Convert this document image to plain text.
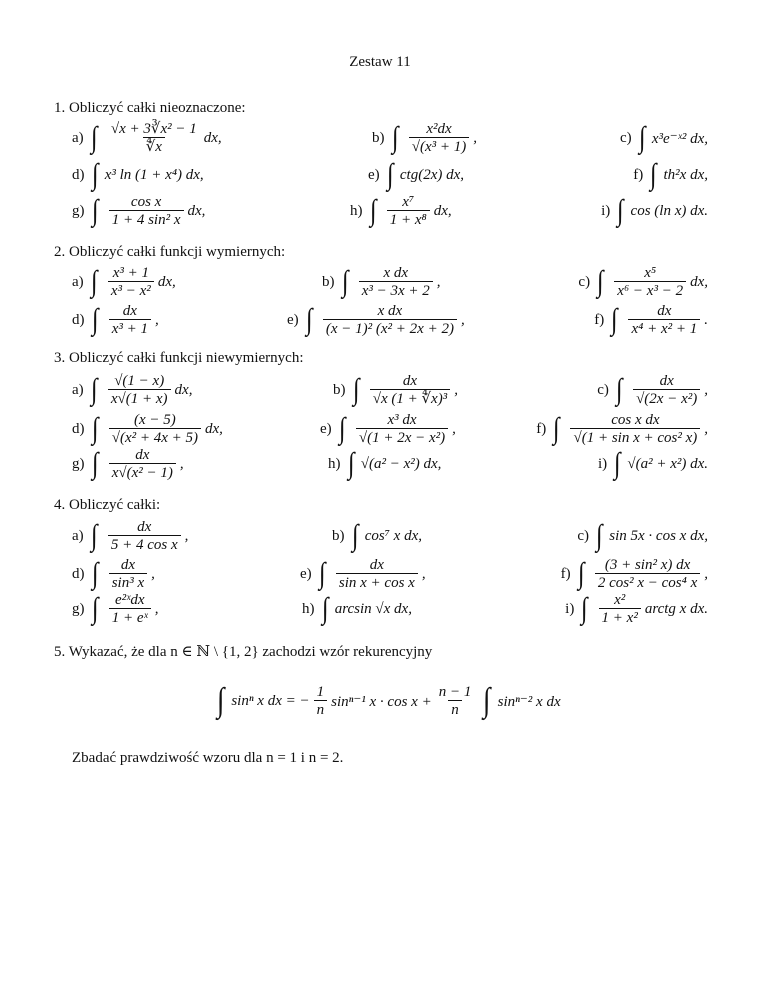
Zestaw 11
1. Obliczyć całki nieoznaczone:
a) ∫ $\frac{\text{√x + 3∛x² − 1}}{∜x}$ dx,	b) ∫ $\frac{\text{x²dx}}{\text{√(x³ + 1)}}$ ,	c) ∫ x³e⁻ˣ² dx,
d) ∫ x³ ln (1 + x⁴) dx,	e) ∫ ctg(2x) dx,	f) ∫ th²x dx,
g) ∫ $\frac{\text{cos x}}{\text{1 + 4 sin² x}}$ dx,	h) ∫ $\frac{\text{x⁷}}{\text{1 + x⁸}}$ dx,	i) ∫ cos (ln x) dx.
2. Obliczyć całki funkcji wymiernych:
a) ∫ $\frac{\text{x³ + 1}}{\text{x³ − x²}}$ dx,	b) ∫ $\frac{\text{x dx}}{\text{x³ − 3x + 2}}$ ,	c) ∫ $\frac{\text{x⁵}}{\text{x⁶ − x³ − 2}}$ dx,
d) ∫ $\frac{dx}{\text{x³ + 1}}$ ,	e) ∫ $\frac{\text{x dx}}{\text{(x − 1)² (x² + 2x + 2)}}$ ,	f) ∫ $\frac{dx}{\text{x⁴ + x² + 1}}$ .
3. Obliczyć całki funkcji niewymiernych:
a) ∫ $\frac{√(1 - x)}{x√(1 + x)}$ dx,	b) ∫ $\frac{dx}{\text{√x (1 + ∜x)³}}$ ,	c) ∫ $\frac{dx}{\text{√(2x − x²)}}$ ,
d) ∫ $\frac{(x - 5)}{\text{√(x² + 4x + 5)}}$ dx,	e) ∫ $\frac{\text{x³ dx}}{\text{√(1 + 2x − x²)}}$ ,	f) ∫ $\frac{\text{cos x dx}}{\text{√(1 + sin x + cos² x)}}$ ,
g) ∫ $\frac{dx}{\text{x√(x² − 1)}}$ ,	h) ∫ √(a² − x²) dx,	i) ∫ √(a² + x²) dx.
4. Obliczyć całki:
a) ∫ $\frac{dx}{\text{5 + 4 cos x}}$ ,	b) ∫ cos⁷ x dx,	c) ∫ sin 5x · cos x dx,
d) ∫ $\frac{dx}{\text{sin³ x}}$ ,	e) ∫ $\frac{dx}{\text{sin x + cos x}}$ ,	f) ∫ $\frac{\text{(3 + sin² x) dx}}{\text{2 cos² x − cos⁴ x}}$ ,
g) ∫ $\frac{\text{e²ˣdx}}{\text{1 + eˣ}}$ ,	h) ∫ arcsin √x dx,	i) ∫ $\frac{\text{x²}}{\text{1 + x²}}$ arctg x dx.
5. Wykazać, że dla n ∈ ℕ \ {1, 2} zachodzi wzór rekurencyjny
∫ sinⁿ x dx = − $\frac{1}{n} \sin^{n-1}$ $x \cdot \cos x + \frac{n - 1}{n}$ ∫ sinⁿ⁻² x dx
Zbadać prawdziwość wzoru dla n = 1 i n = 2.
